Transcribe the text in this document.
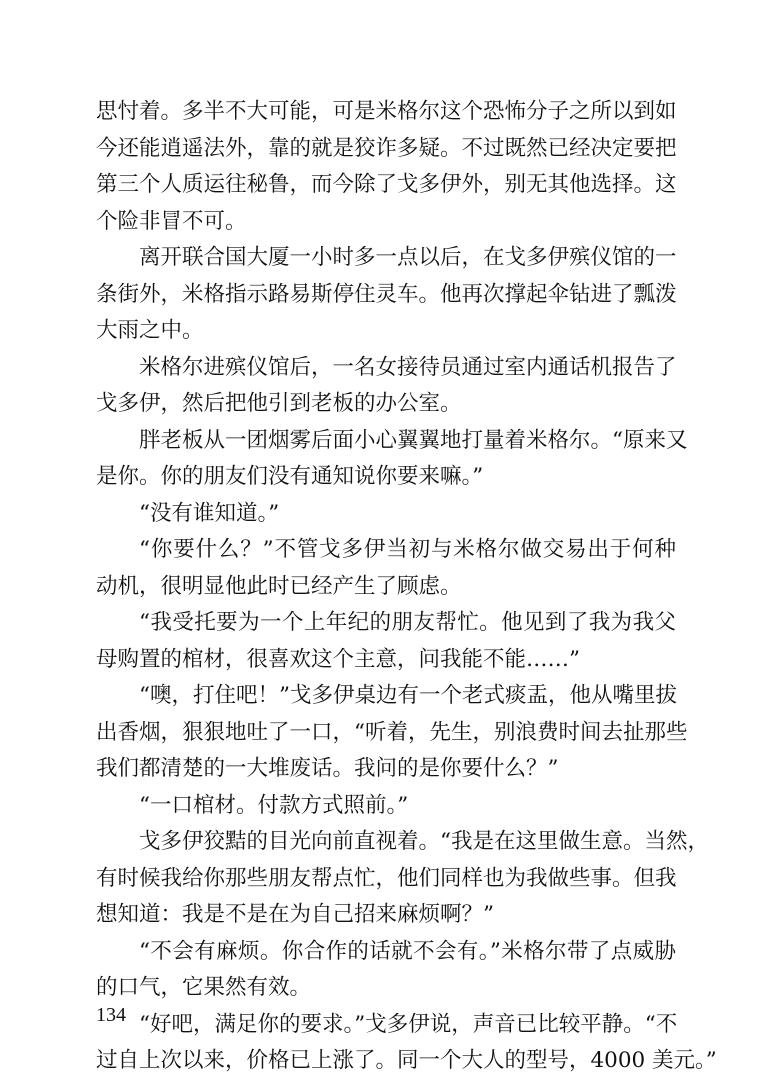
思忖着。多半不大可能，可是米格尔这个恐怖分子之所以到如
今还能逍遥法外，靠的就是狡诈多疑。不过既然已经决定要把
第三个人质运往秘鲁，而今除了戈多伊外，别无其他选择。这
个险非冒不可。
离开联合国大厦一小时多一点以后，在戈多伊殡仪馆的一
条街外，米格指示路易斯停住灵车。他再次撑起伞钻进了瓢泼
大雨之中。
米格尔进殡仪馆后，一名女接待员通过室内通话机报告了
戈多伊，然后把他引到老板的办公室。
胖老板从一团烟雾后面小心翼翼地打量着米格尔。“原来又
是你。你的朋友们没有通知说你要来嘛。”
“没有谁知道。”
“你要什么？”不管戈多伊当初与米格尔做交易出于何种
动机，很明显他此时已经产生了顾虑。
“我受托要为一个上年纪的朋友帮忙。他见到了我为我父
母购置的棺材，很喜欢这个主意，问我能不能……”
“噢，打住吧！”戈多伊桌边有一个老式痰盂，他从嘴里拔
出香烟，狠狠地吐了一口，“听着，先生，别浪费时间去扯那些
我们都清楚的一大堆废话。我问的是你要什么？”
“一口棺材。付款方式照前。”
戈多伊狡黠的目光向前直视着。“我是在这里做生意。当然，
有时候我给你那些朋友帮点忙，他们同样也为我做些事。但我
想知道：我是不是在为自己招来麻烦啊？”
“不会有麻烦。你合作的话就不会有。”米格尔带了点威胁
的口气，它果然有效。
“好吧，满足你的要求。”戈多伊说，声音已比较平静。“不
过自上次以来，价格已上涨了。同一个大人的型号，4000 美元。”
134
